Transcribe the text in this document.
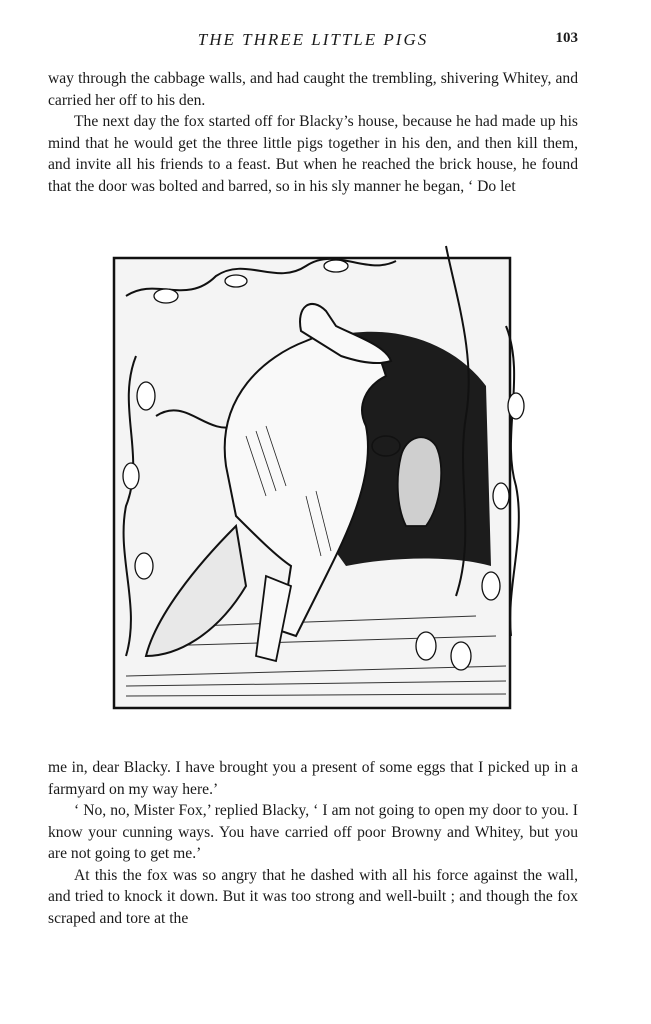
THE THREE LITTLE PIGS	103

way through the cabbage walls, and had caught the trembling, shivering Whitey, and carried her off to his den.

The next day the fox started off for Blacky’s house, because he had made up his mind that he would get the three little pigs together in his den, and then kill them, and invite all his friends to a feast. But when he reached the brick house, he found that the door was bolted and barred, so in his sly manner he began, ‘ Do let

me in, dear Blacky. I have brought you a present of some eggs that I picked up in a farmyard on my way here.’

‘ No, no, Mister Fox,’ replied Blacky, ‘ I am not going to open my door to you. I know your cunning ways. You have carried off poor Browny and Whitey, but you are not going to get me.’

At this the fox was so angry that he dashed with all his force against the wall, and tried to knock it down. But it was too strong and well-built ; and though the fox scraped and tore at the
